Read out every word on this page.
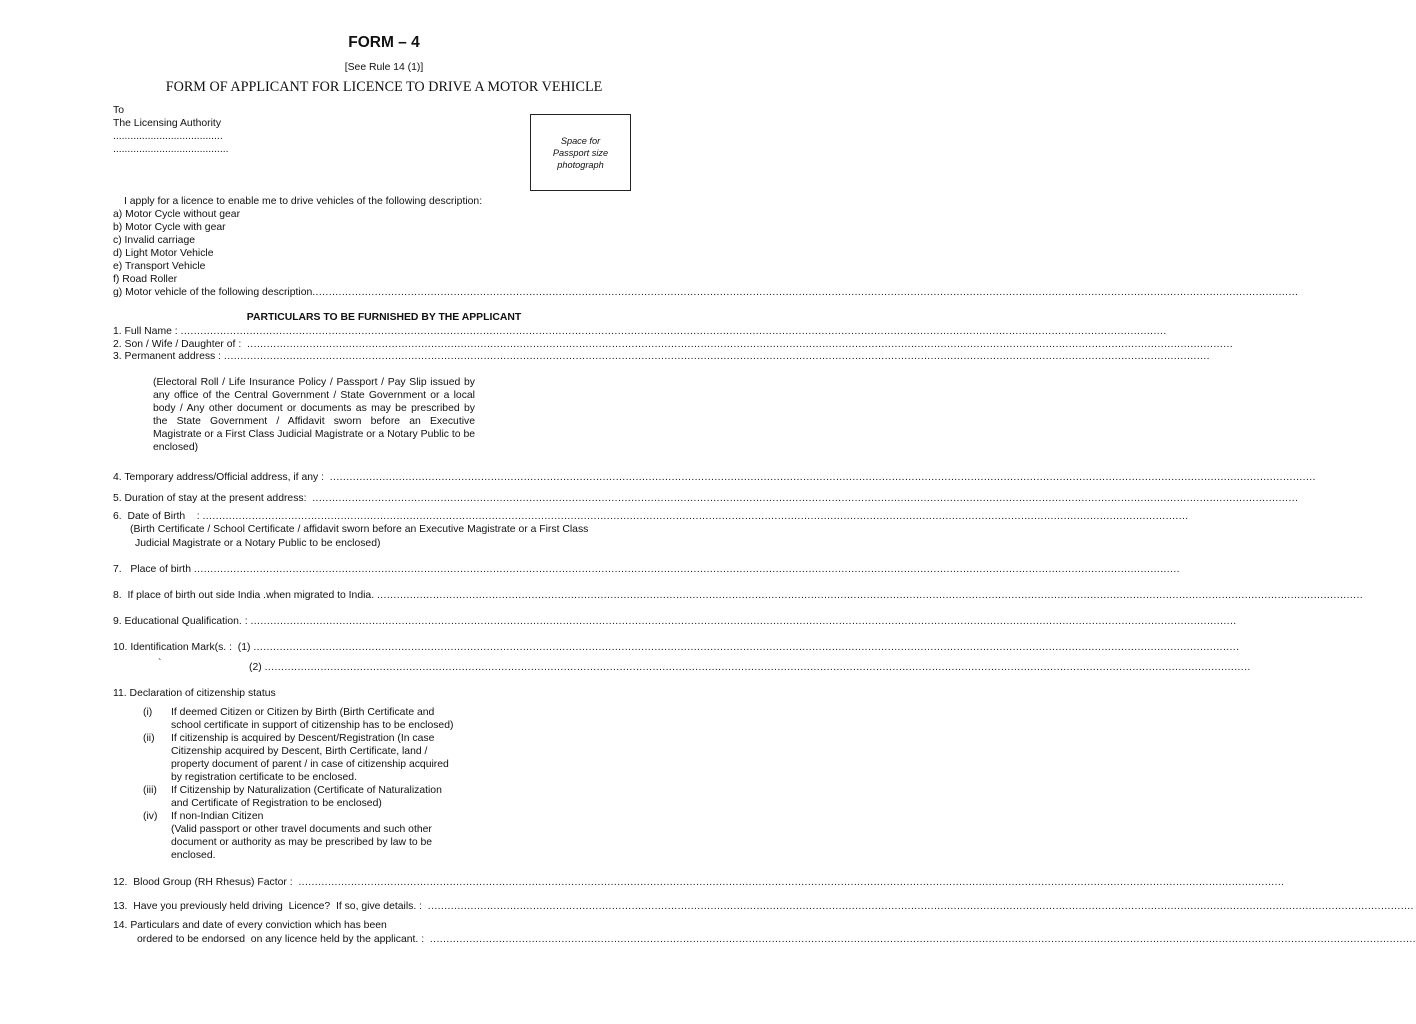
FORM – 4
[See Rule 14 (1)]
FORM OF APPLICANT FOR LICENCE TO DRIVE A MOTOR VEHICLE
To
The Licensing Authority
......................................
........................................
Space for
Passport size
photograph
I apply for a licence to enable me to drive vehicles of the following description:
a) Motor Cycle without gear
b) Motor Cycle with gear
c) Invalid carriage
d) Light Motor Vehicle
e) Transport Vehicle
f) Road Roller
g) Motor vehicle of the following description ............................................................................................................................................................................................................................................................................................................
PARTICULARS TO BE FURNISHED BY THE APPLICANT
1. Full Name : ............................................................................................................................................................................................................................................................................................................
2. Son / Wife / Daughter of : ............................................................................................................................................................................................................................................................................................................
3. Permanent address : ............................................................................................................................................................................................................................................................................................................
(Electoral Roll / Life Insurance Policy / Passport / Pay Slip issued by any office of the Central Government / State Government or a local body / Any other document or documents as may be prescribed by the State Government / Affidavit sworn before an Executive Magistrate or a First Class Judicial Magistrate or a Notary Public to be enclosed)
4. Temporary address/Official address, if any : ............................................................................................................................................................................................................................................................................................................
5. Duration of stay at the present address: ............................................................................................................................................................................................................................................................................................................
6.  Date of Birth    : ............................................................................................................................................................................................................................................................................................................
(Birth Certificate / School Certificate / affidavit sworn before an Executive Magistrate or a First Class
Judicial Magistrate or a Notary Public to be enclosed)
7.   Place of birth ............................................................................................................................................................................................................................................................................................................
8.  If place of birth out side India .when migrated to India. ............................................................................................................................................................................................................................................................................................................
9. Educational Qualification. : ............................................................................................................................................................................................................................................................................................................
10. Identification Mark(s. :  (1) ............................................................................................................................................................................................................................................................................................................
`	(2) ............................................................................................................................................................................................................................................................................................................
11. Declaration of citizenship status
(i) If deemed Citizen or Citizen by Birth (Birth Certificate and
school certificate in support of citizenship has to be enclosed)
(ii) If citizenship is acquired by Descent/Registration (In case
Citizenship acquired by Descent, Birth Certificate, land /
property document of parent / in case of citizenship acquired
by registration certificate to be enclosed.
(iii) If Citizenship by Naturalization (Certificate of Naturalization
and Certificate of Registration to be enclosed)
(iv) If non-Indian Citizen
(Valid passport or other travel documents and such other
document or authority as may be prescribed by law to be
enclosed.
12.  Blood Group (RH Rhesus) Factor : ............................................................................................................................................................................................................................................................................................................
13.  Have you previously held driving  Licence?  If so, give details. : ............................................................................................................................................................................................................................................................................................................
14. Particulars and date of every conviction which has been
ordered to be endorsed  on any licence held by the applicant. : ............................................................................................................................................................................................................................................................................................................
